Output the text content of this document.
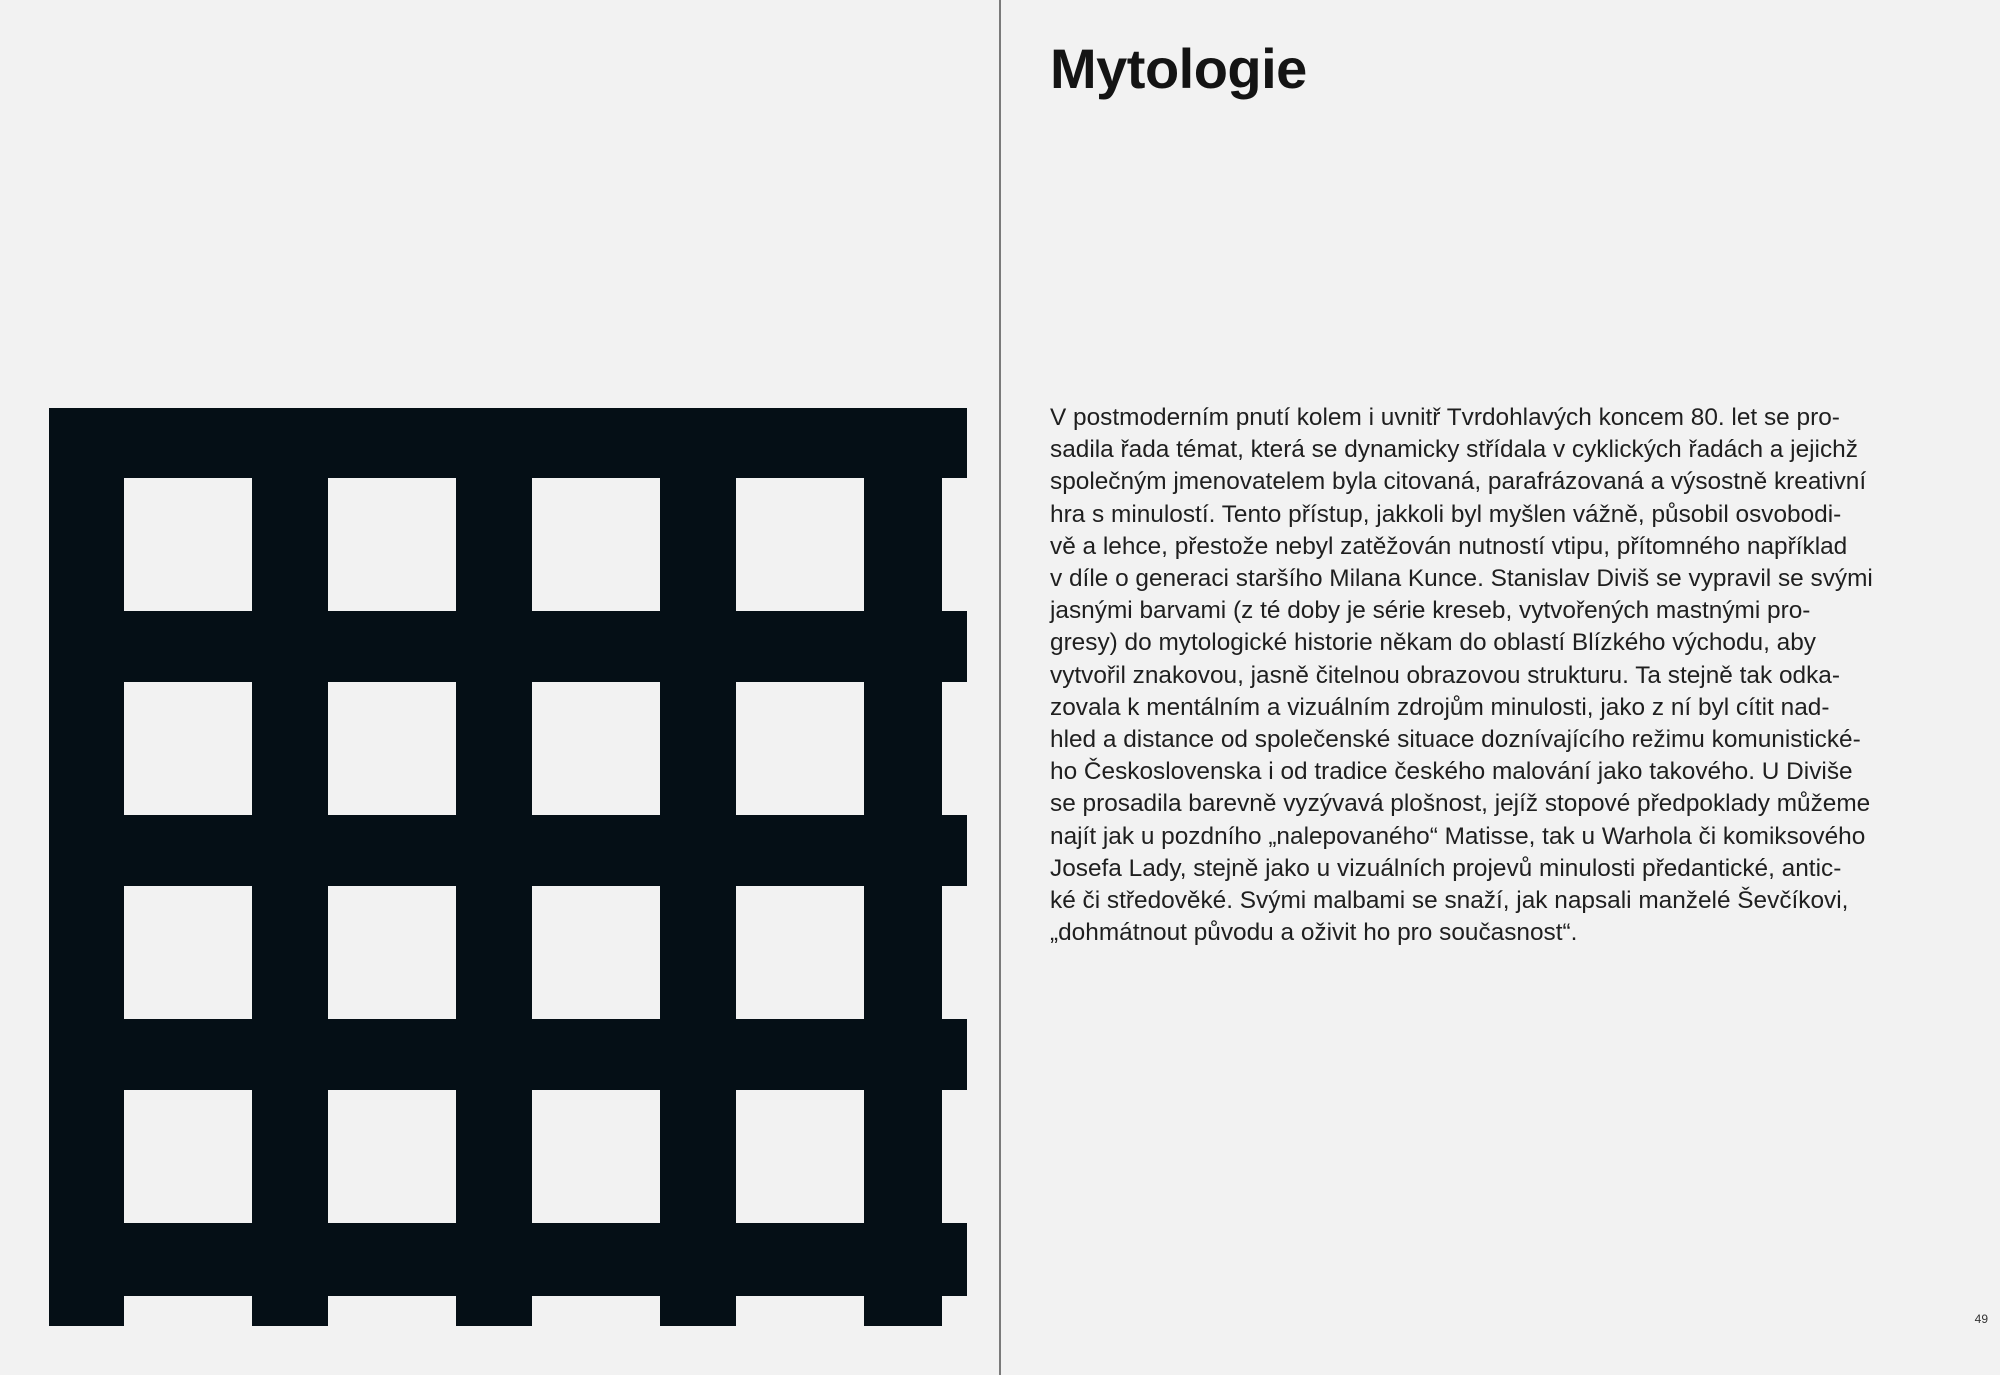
Mytologie
V postmoderním pnutí kolem i uvnitř Tvrdohlavých koncem 80. let se pro-
sadila řada témat, která se dynamicky střídala v cyklických řadách a jejichž
společným jmenovatelem byla citovaná, parafrázovaná a výsostně kreativní
hra s minulostí. Tento přístup, jakkoli byl myšlen vážně, působil osvobodi-
vě a lehce, přestože nebyl zatěžován nutností vtipu, přítomného například
v díle o generaci staršího Milana Kunce. Stanislav Diviš se vypravil se svými
jasnými barvami (z té doby je série kreseb, vytvořených mastnými pro-
gresy) do mytologické historie někam do oblastí Blízkého východu, aby
vytvořil znakovou, jasně čitelnou obrazovou strukturu. Ta stejně tak odka-
zovala k mentálním a vizuálním zdrojům minulosti, jako z ní byl cítit nad-
hled a distance od společenské situace doznívajícího režimu komunistické-
ho Československa i od tradice českého malování jako takového. U Diviše
se prosadila barevně vyzývavá plošnost, jejíž stopové předpoklady můžeme
najít jak u pozdního „nalepovaného“ Matisse, tak u Warhola či komiksového
Josefa Lady, stejně jako u vizuálních projevů minulosti předantické, antic-
ké či středověké. Svými malbami se snaží, jak napsali manželé Ševčíkovi,
„dohmátnout původu a oživit ho pro současnost“.
49
